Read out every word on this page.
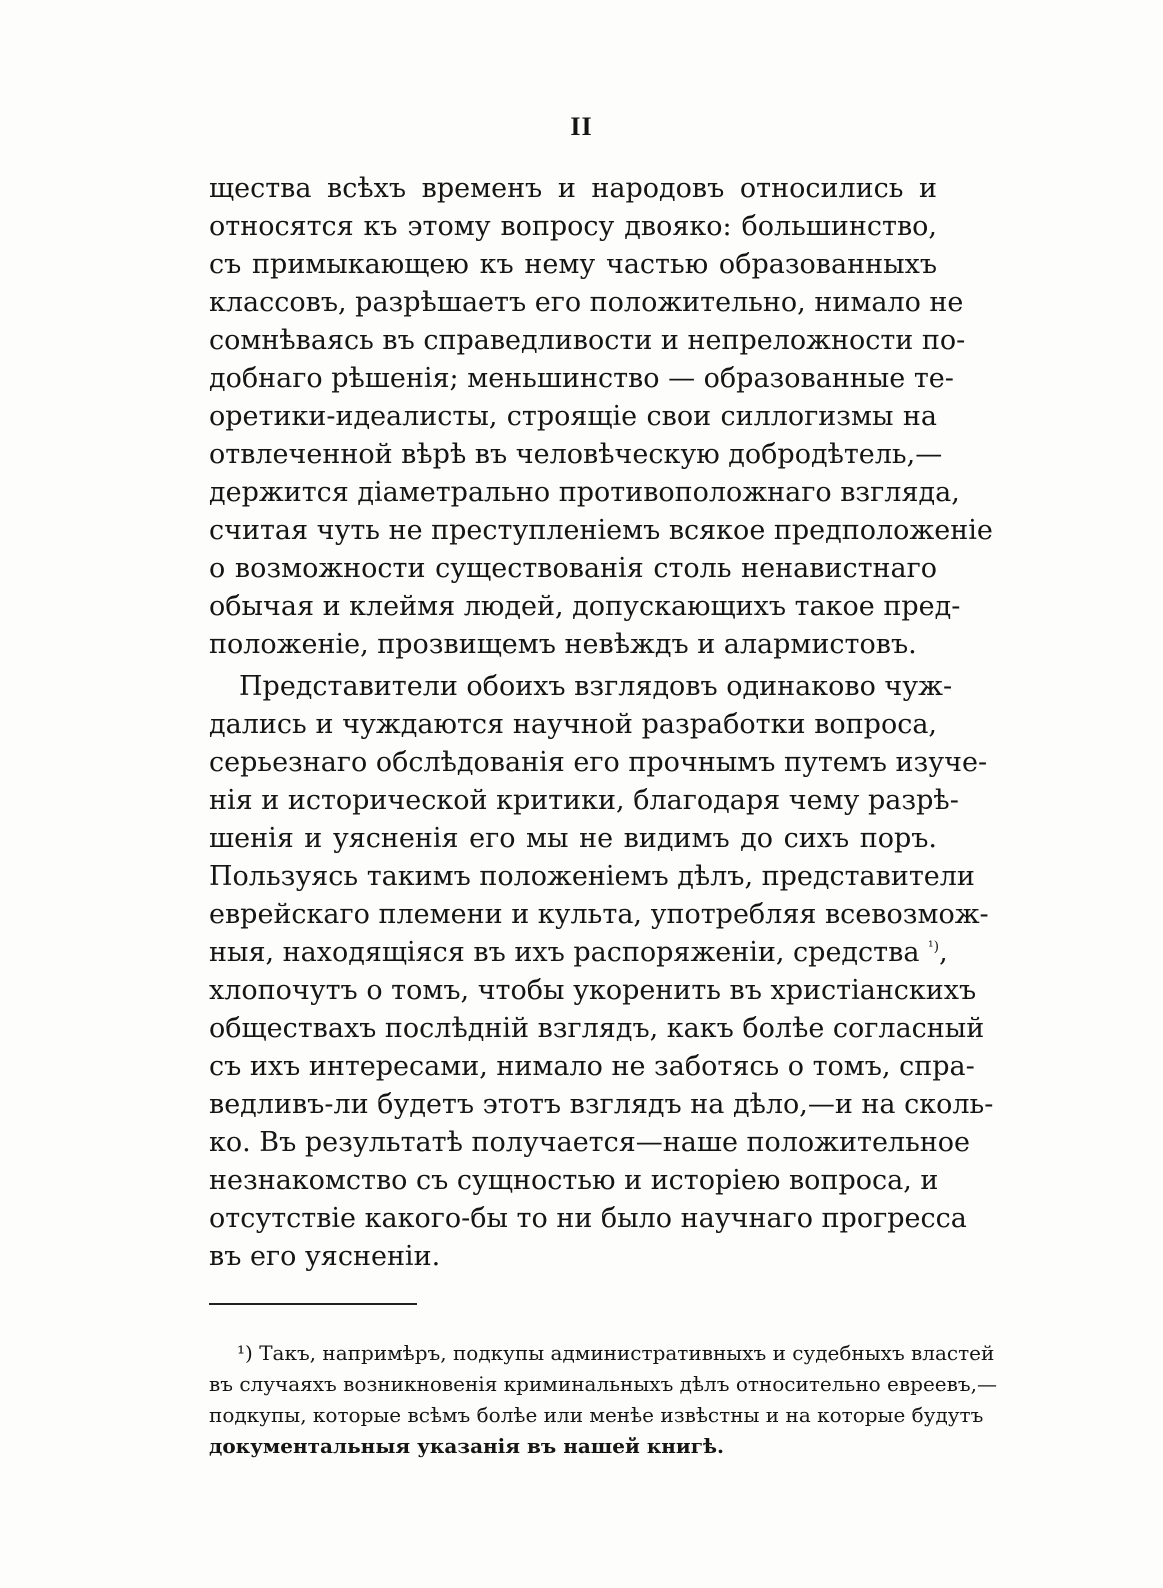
II
щества всѣхъ временъ и народовъ относились и
относятся къ этому вопросу двояко: большинство,
съ примыкающею къ нему частью образованныхъ
классовъ, разрѣшаетъ его положительно, нимало не
сомнѣваясь въ справедливости и непреложности по-
добнаго рѣшенія; меньшинство — образованные те-
оретики-идеалисты, строящіе свои силлогизмы на
отвлеченной вѣрѣ въ человѣческую добродѣтель,—
держится діаметрально противоположнаго взгляда,
считая чуть не преступленіемъ всякое предположеніе
о возможности существованія столь ненавистнаго
обычая и клеймя людей, допускающихъ такое пред-
положеніе, прозвищемъ невѣждъ и алармистовъ.
Представители обоихъ взглядовъ одинаково чуж-
дались и чуждаются научной разработки вопроса,
серьезнаго обслѣдованія его прочнымъ путемъ изуче-
нія и исторической критики, благодаря чему разрѣ-
шенія и уясненія его мы не видимъ до сихъ поръ.
Пользуясь такимъ положеніемъ дѣлъ, представители
еврейскаго племени и культа, употребляя всевозмож-
ныя, находящіяся въ ихъ распоряженіи, средства $^{^1)}$,
хлопочутъ о томъ, чтобы укоренить въ христіанскихъ
обществахъ послѣдній взглядъ, какъ болѣе согласный
съ ихъ интересами, нимало не заботясь о томъ, спра-
ведливъ-ли будетъ этотъ взглядъ на дѣло,—и на сколь-
ко. Въ результатѣ получается—наше положительное
незнакомство съ сущностью и исторіею вопроса, и
отсутствіе какого-бы то ни было научнаго прогресса
въ его уясненіи.
¹) Такъ, напримѣръ, подкупы административныхъ и судебныхъ властей
въ случаяхъ возникновенія криминальныхъ дѣлъ относительно евреевъ,—
подкупы, которые всѣмъ болѣе или менѣе извѣстны и на которые будутъ
документальныя указанія въ нашей книгѣ.
